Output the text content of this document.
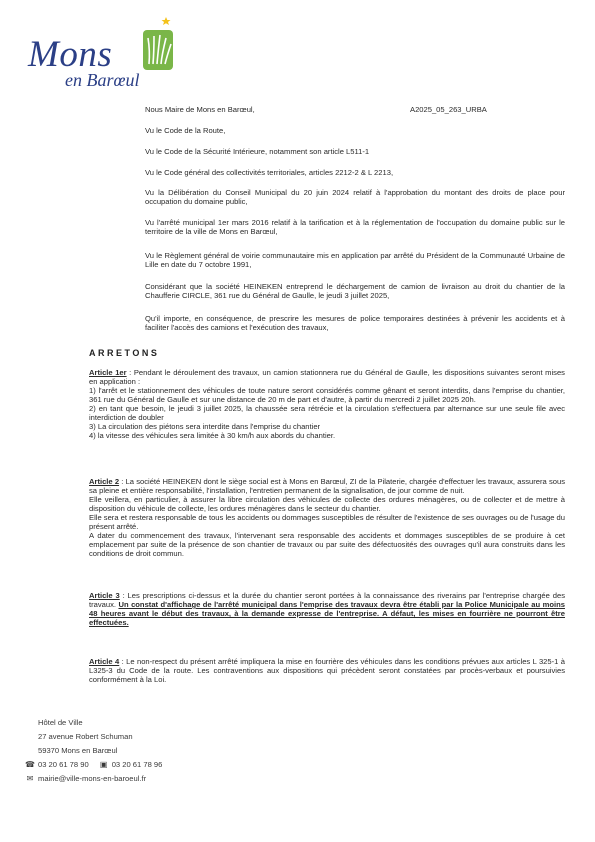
Mons
en Barœul
Nous Maire de Mons en Barœul,	A2025_05_263_URBA
Vu le Code de la Route,
Vu le Code de la Sécurité Intérieure, notamment son article L511-1
Vu le Code général des collectivités territoriales, articles 2212-2 & L 2213,
Vu la Délibération du Conseil Municipal du 20 juin 2024 relatif à l'approbation du montant des droits de place pour occupation du domaine public,
Vu l'arrêté municipal 1er mars 2016 relatif à la tarification et à la réglementation de l'occupation du domaine public sur le territoire de la ville de Mons en Barœul,
Vu le Règlement général de voirie communautaire mis en application par arrêté du Président de la Communauté Urbaine de Lille en date du 7 octobre 1991,
Considérant que la société HEINEKEN entreprend le déchargement de camion de livraison au droit du chantier de la Chaufferie CIRCLE, 361 rue du Général de Gaulle, le jeudi 3 juillet 2025,
Qu'il importe, en conséquence, de prescrire les mesures de police temporaires destinées à prévenir les accidents et à faciliter l'accès des camions et l'exécution des travaux,
ARRETONS

Article 1er : Pendant le déroulement des travaux, un camion stationnera rue du Général de Gaulle, les dispositions suivantes seront mises en application :

1) l'arrêt et le stationnement des véhicules de toute nature seront considérés comme gênant et seront interdits, dans l'emprise du chantier, 361 rue du Général de Gaulle et sur une distance de 20 m de part et d'autre, à partir du mercredi 2 juillet 2025 20h.

2) en tant que besoin, le jeudi 3 juillet 2025, la chaussée sera rétrécie et la circulation s'effectuera par alternance sur une seule file avec interdiction de doubler

3) La circulation des piétons sera interdite dans l'emprise du chantier

4) la vitesse des véhicules sera limitée à 30 km/h aux abords du chantier.

Article 2 : La société HEINEKEN dont le siège social est à Mons en Barœul, ZI de la Pilaterie, chargée d'effectuer les travaux, assurera sous sa pleine et entière responsabilité, l'installation, l'entretien permanent de la signalisation, de jour comme de nuit.

Elle veillera, en particulier, à assurer la libre circulation des véhicules de collecte des ordures ménagères, ou de collecter et de mettre à disposition du véhicule de collecte, les ordures ménagères dans le secteur du chantier.

Elle sera et restera responsable de tous les accidents ou dommages susceptibles de résulter de l'existence de ses ouvrages ou de l'usage du présent arrêté.

A dater du commencement des travaux, l'intervenant sera responsable des accidents et dommages susceptibles de se produire à cet emplacement par suite de la présence de son chantier de travaux ou par suite des défectuosités des ouvrages qu'il aura construits dans les conditions de droit commun.

Article 3 : Les prescriptions ci-dessus et la durée du chantier seront portées à la connaissance des riverains par l'entreprise chargée des travaux. Un constat d'affichage de l'arrêté municipal dans l'emprise des travaux devra être établi par la Police Municipale au moins 48 heures avant le début des travaux, à la demande expresse de l'entreprise. A défaut, les mises en fourrière ne pourront être effectuées.

Article 4 : Le non-respect du présent arrêté impliquera la mise en fourrière des véhicules dans les conditions prévues aux articles L 325-1 à L325-3 du Code de la route. Les contraventions aux dispositions qui précèdent seront constatées par procès-verbaux et poursuivies conformément à la Loi.

Hôtel de Ville
27 avenue Robert Schuman
59370 Mons en Barœul
☎ 03 20 61 78 90 ▣ 03 20 61 78 96
✉ mairie@ville-mons-en-baroeul.fr
